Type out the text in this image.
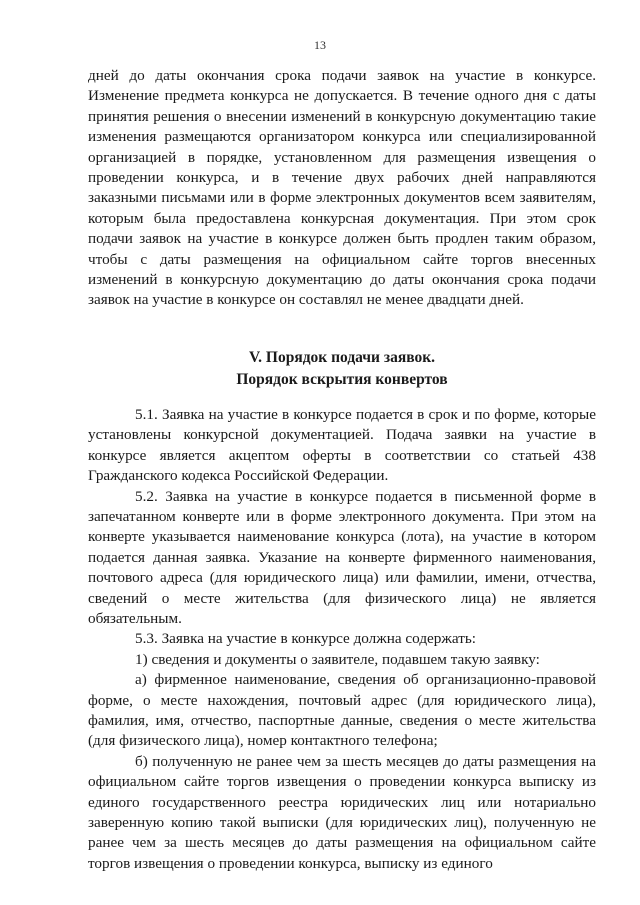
13

дней до даты окончания срока подачи заявок на участие в конкурсе. Изменение предмета конкурса не допускается. В течение одного дня с даты принятия решения о внесении изменений в конкурсную документацию такие изменения размещаются организатором конкурса или специализированной организацией в порядке, установленном для размещения извещения о проведении конкурса, и в течение двух рабочих дней направляются заказными письмами или в форме электронных документов всем заявителям, которым была предоставлена конкурсная документация. При этом срок подачи заявок на участие в конкурсе должен быть продлен таким образом, чтобы с даты размещения на официальном сайте торгов внесенных изменений в конкурсную документацию до даты окончания срока подачи заявок на участие в конкурсе он составлял не менее двадцати дней.

V. Порядок подачи заявок.
Порядок вскрытия конвертов

5.1. Заявка на участие в конкурсе подается в срок и по форме, которые установлены конкурсной документацией. Подача заявки на участие в конкурсе является акцептом оферты в соответствии со статьей 438 Гражданского кодекса Российской Федерации.

5.2. Заявка на участие в конкурсе подается в письменной форме в запечатанном конверте или в форме электронного документа. При этом на конверте указывается наименование конкурса (лота), на участие в котором подается данная заявка. Указание на конверте фирменного наименования, почтового адреса (для юридического лица) или фамилии, имени, отчества, сведений о месте жительства (для физического лица) не является обязательным.

5.3. Заявка на участие в конкурсе должна содержать:

1) сведения и документы о заявителе, подавшем такую заявку:

а) фирменное наименование, сведения об организационно-правовой форме, о месте нахождения, почтовый адрес (для юридического лица), фамилия, имя, отчество, паспортные данные, сведения о месте жительства (для физического лица), номер контактного телефона;

б) полученную не ранее чем за шесть месяцев до даты размещения на официальном сайте торгов извещения о проведении конкурса выписку из единого государственного реестра юридических лиц или нотариально заверенную копию такой выписки (для юридических лиц), полученную не ранее чем за шесть месяцев до даты размещения на официальном сайте торгов извещения о проведении конкурса, выписку из единого
